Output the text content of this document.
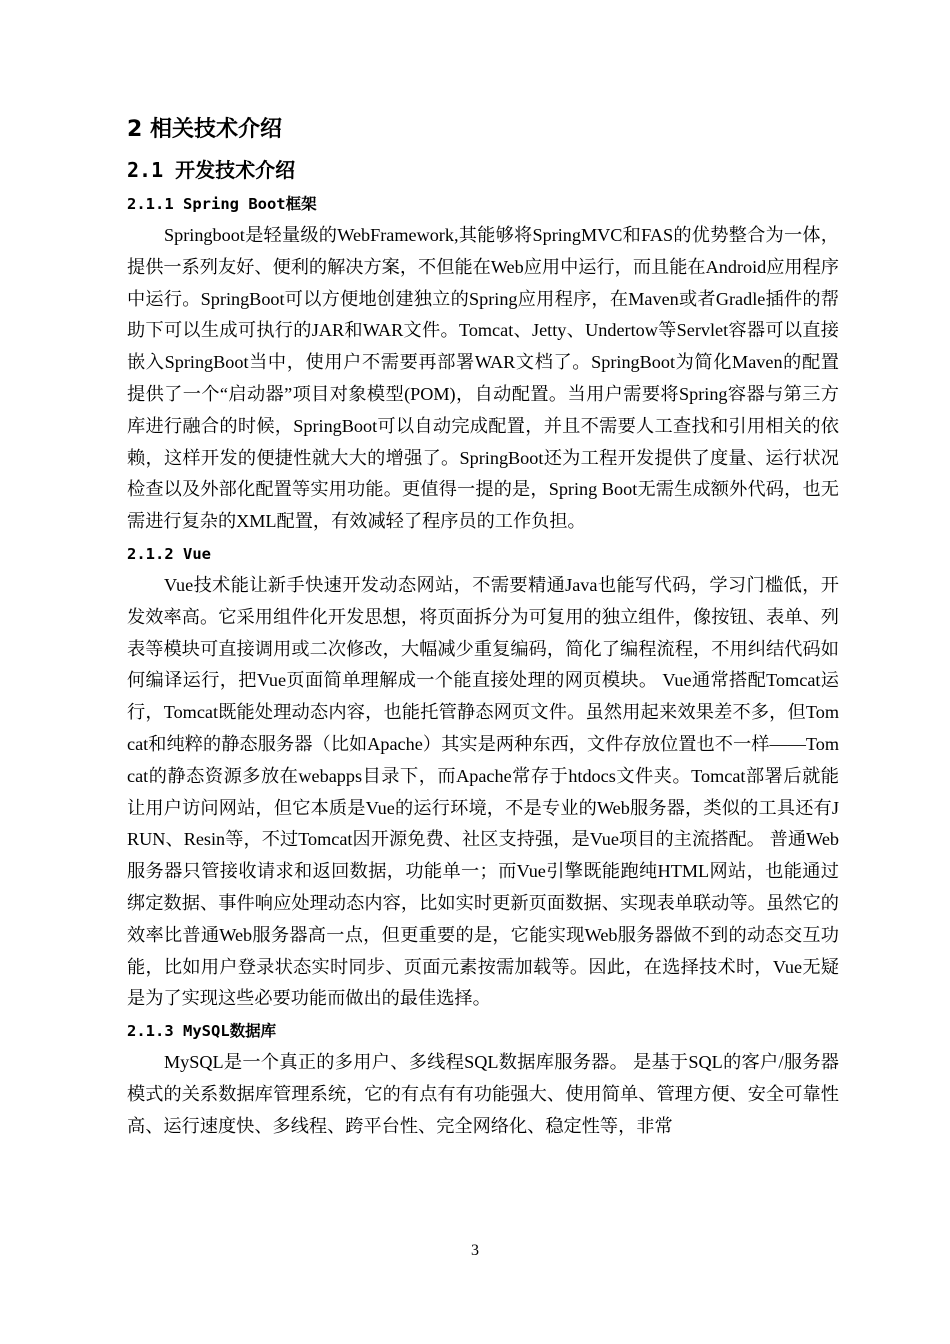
2 相关技术介绍
2.1 开发技术介绍
2.1.1 Spring Boot框架

Springboot是轻量级的WebFramework,其能够将SpringMVC和FAS的优势整合为一体，提供一系列友好、便利的解决方案，不但能在Web应用中运行，而且能在Android应用程序中运行。SpringBoot可以方便地创建独立的Spring应用程序，在Maven或者Gradle插件的帮助下可以生成可执行的JAR和WAR文件。Tomcat、Jetty、Undertow等Servlet容器可以直接嵌入SpringBoot当中，使用户不需要再部署WAR文档了。SpringBoot为简化Maven的配置提供了一个“启动器”项目对象模型(POM)，自动配置。当用户需要将Spring容器与第三方库进行融合的时候，SpringBoot可以自动完成配置，并且不需要人工查找和引用相关的依赖，这样开发的便捷性就大大的增强了。SpringBoot还为工程开发提供了度量、运行状况检查以及外部化配置等实用功能。更值得一提的是，Spring Boot无需生成额外代码，也无需进行复杂的XML配置，有效减轻了程序员的工作负担。

2.1.2 Vue

Vue技术能让新手快速开发动态网站，不需要精通Java也能写代码，学习门槛低，开发效率高。它采用组件化开发思想，将页面拆分为可复用的独立组件，像按钮、表单、列表等模块可直接调用或二次修改，大幅减少重复编码，简化了编程流程，不用纠结代码如何编译运行，把Vue页面简单理解成一个能直接处理的网页模块。 Vue通常搭配Tomcat运行，Tomcat既能处理动态内容，也能托管静态网页文件。虽然用起来效果差不多，但Tomcat和纯粹的静态服务器（比如Apache）其实是两种东西，文件存放位置也不一样——Tomcat的静态资源多放在webapps目录下，而Apache常存于htdocs文件夹。Tomcat部署后就能让用户访问网站，但它本质是Vue的运行环境，不是专业的Web服务器，类似的工具还有JRUN、Resin等，不过Tomcat因开源免费、社区支持强，是Vue项目的主流搭配。 普通Web服务器只管接收请求和返回数据，功能单一；而Vue引擎既能跑纯HTML网站，也能通过绑定数据、事件响应处理动态内容，比如实时更新页面数据、实现表单联动等。虽然它的效率比普通Web服务器高一点，但更重要的是，它能实现Web服务器做不到的动态交互功能，比如用户登录状态实时同步、页面元素按需加载等。因此，在选择技术时，Vue无疑是为了实现这些必要功能而做出的最佳选择。

2.1.3 MySQL数据库

MySQL是一个真正的多用户、多线程SQL数据库服务器。 是基于SQL的客户/服务器模式的关系数据库管理系统，它的有点有有功能强大、使用简单、管理方便、安全可靠性高、运行速度快、多线程、跨平台性、完全网络化、稳定性等，非常

3
